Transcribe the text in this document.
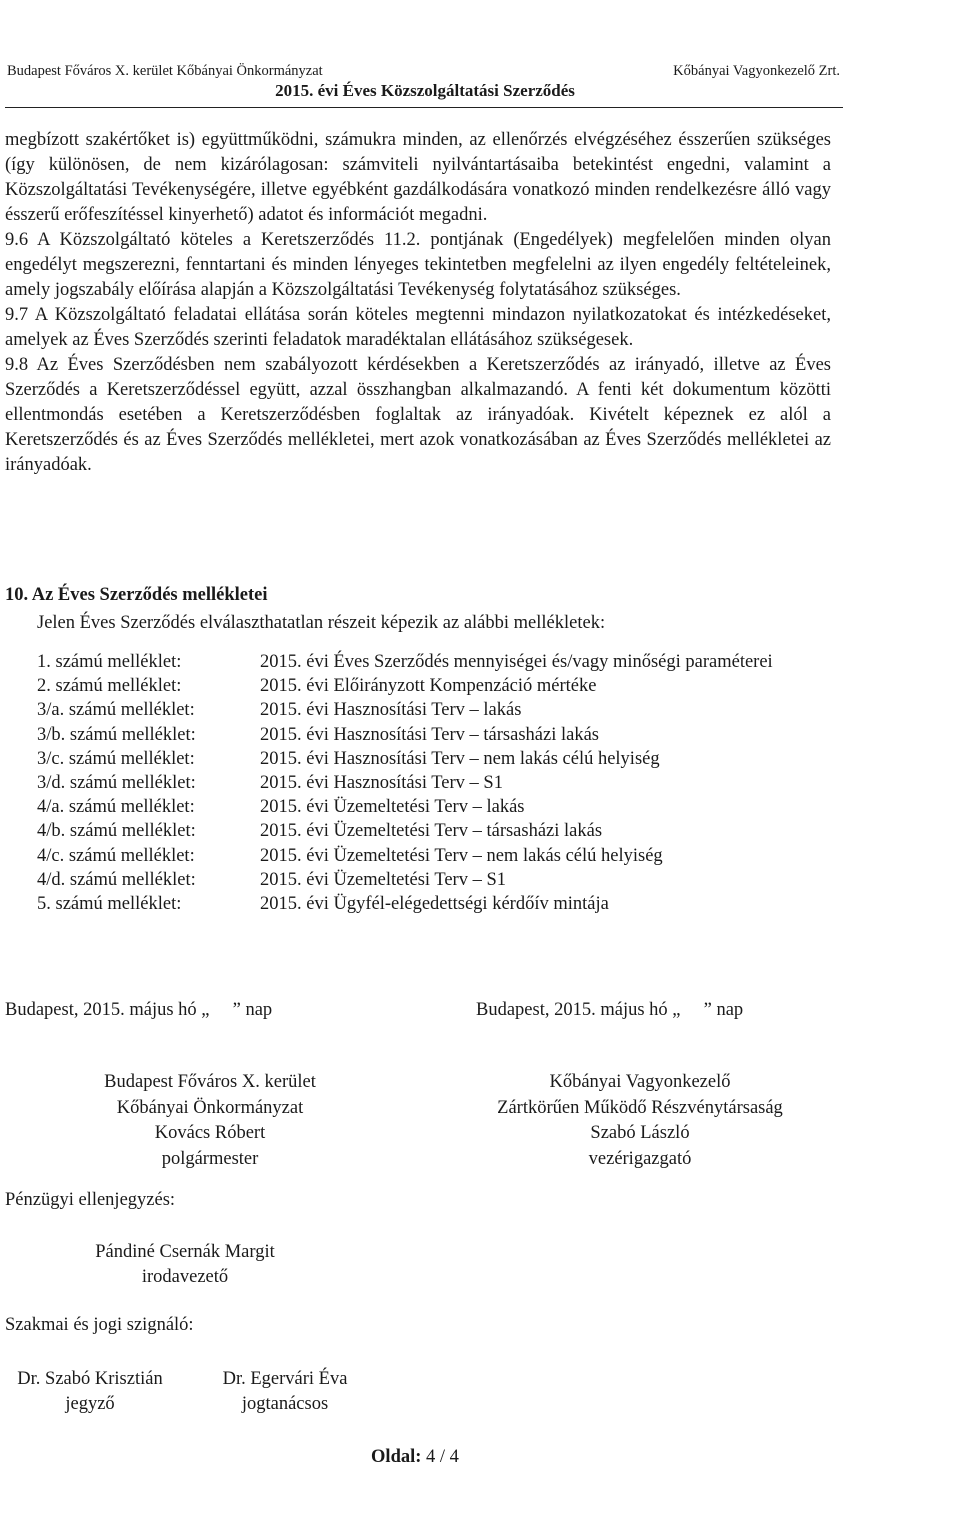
Budapest Főváros X. kerület Kőbányai Önkormányzat	Kőbányai Vagyonkezelő Zrt.
2015. évi Éves Közszolgáltatási Szerződés

megbízott szakértőket is) együttműködni, számukra minden, az ellenőrzés elvégzéséhez ésszerűen szükséges (így különösen, de nem kizárólagosan: számviteli nyilvántartásaiba betekintést engedni, valamint a Közszolgáltatási Tevékenységére, illetve egyébként gazdálkodására vonatkozó minden rendelkezésre álló vagy ésszerű erőfeszítéssel kinyerhető) adatot és információt megadni.

9.6 A Közszolgáltató köteles a Keretszerződés 11.2. pontjának (Engedélyek) megfelelően minden olyan engedélyt megszerezni, fenntartani és minden lényeges tekintetben megfelelni az ilyen engedély feltételeinek, amely jogszabály előírása alapján a Közszolgáltatási Tevékenység folytatásához szükséges.

9.7 A Közszolgáltató feladatai ellátása során köteles megtenni mindazon nyilatkozatokat és intézkedéseket, amelyek az Éves Szerződés szerinti feladatok maradéktalan ellátásához szükségesek.

9.8 Az Éves Szerződésben nem szabályozott kérdésekben a Keretszerződés az irányadó, illetve az Éves Szerződés a Keretszerződéssel együtt, azzal összhangban alkalmazandó. A fenti két dokumentum közötti ellentmondás esetében a Keretszerződésben foglaltak az irányadóak. Kivételt képeznek ez alól a Keretszerződés és az Éves Szerződés mellékletei, mert azok vonatkozásában az Éves Szerződés mellékletei az irányadóak.

10. Az Éves Szerződés mellékletei
Jelen Éves Szerződés elválaszthatatlan részeit képezik az alábbi mellékletek:
1. számú melléklet:	2015. évi Éves Szerződés mennyiségei és/vagy minőségi paraméterei
2. számú melléklet:	2015. évi Előirányzott Kompenzáció mértéke
3/a. számú melléklet:	2015. évi Hasznosítási Terv – lakás
3/b. számú melléklet:	2015. évi Hasznosítási Terv – társasházi lakás
3/c. számú melléklet:	2015. évi Hasznosítási Terv – nem lakás célú helyiség
3/d. számú melléklet:	2015. évi Hasznosítási Terv – S1
4/a. számú melléklet:	2015. évi Üzemeltetési Terv – lakás
4/b. számú melléklet:	2015. évi Üzemeltetési Terv – társasházi lakás
4/c. számú melléklet:	2015. évi Üzemeltetési Terv – nem lakás célú helyiség
4/d. számú melléklet:	2015. évi Üzemeltetési Terv – S1
5. számú melléklet:	2015. évi Ügyfél-elégedettségi kérdőív mintája
Budapest, 2015. május hó „     ” nap	Budapest, 2015. május hó „     ” nap
Budapest Főváros X. kerület
Kőbányai Önkormányzat
Kovács Róbert
polgármester
Kőbányai Vagyonkezelő
Zártkörűen Működő Részvénytársaság
Szabó László
vezérigazgató
Pénzügyi ellenjegyzés:
Pándiné Csernák Margit
irodavezető
Szakmai és jogi szignáló:
Dr. Szabó Krisztián
jegyző
Dr. Egervári Éva
jogtanácsos
Oldal: 4 / 4
